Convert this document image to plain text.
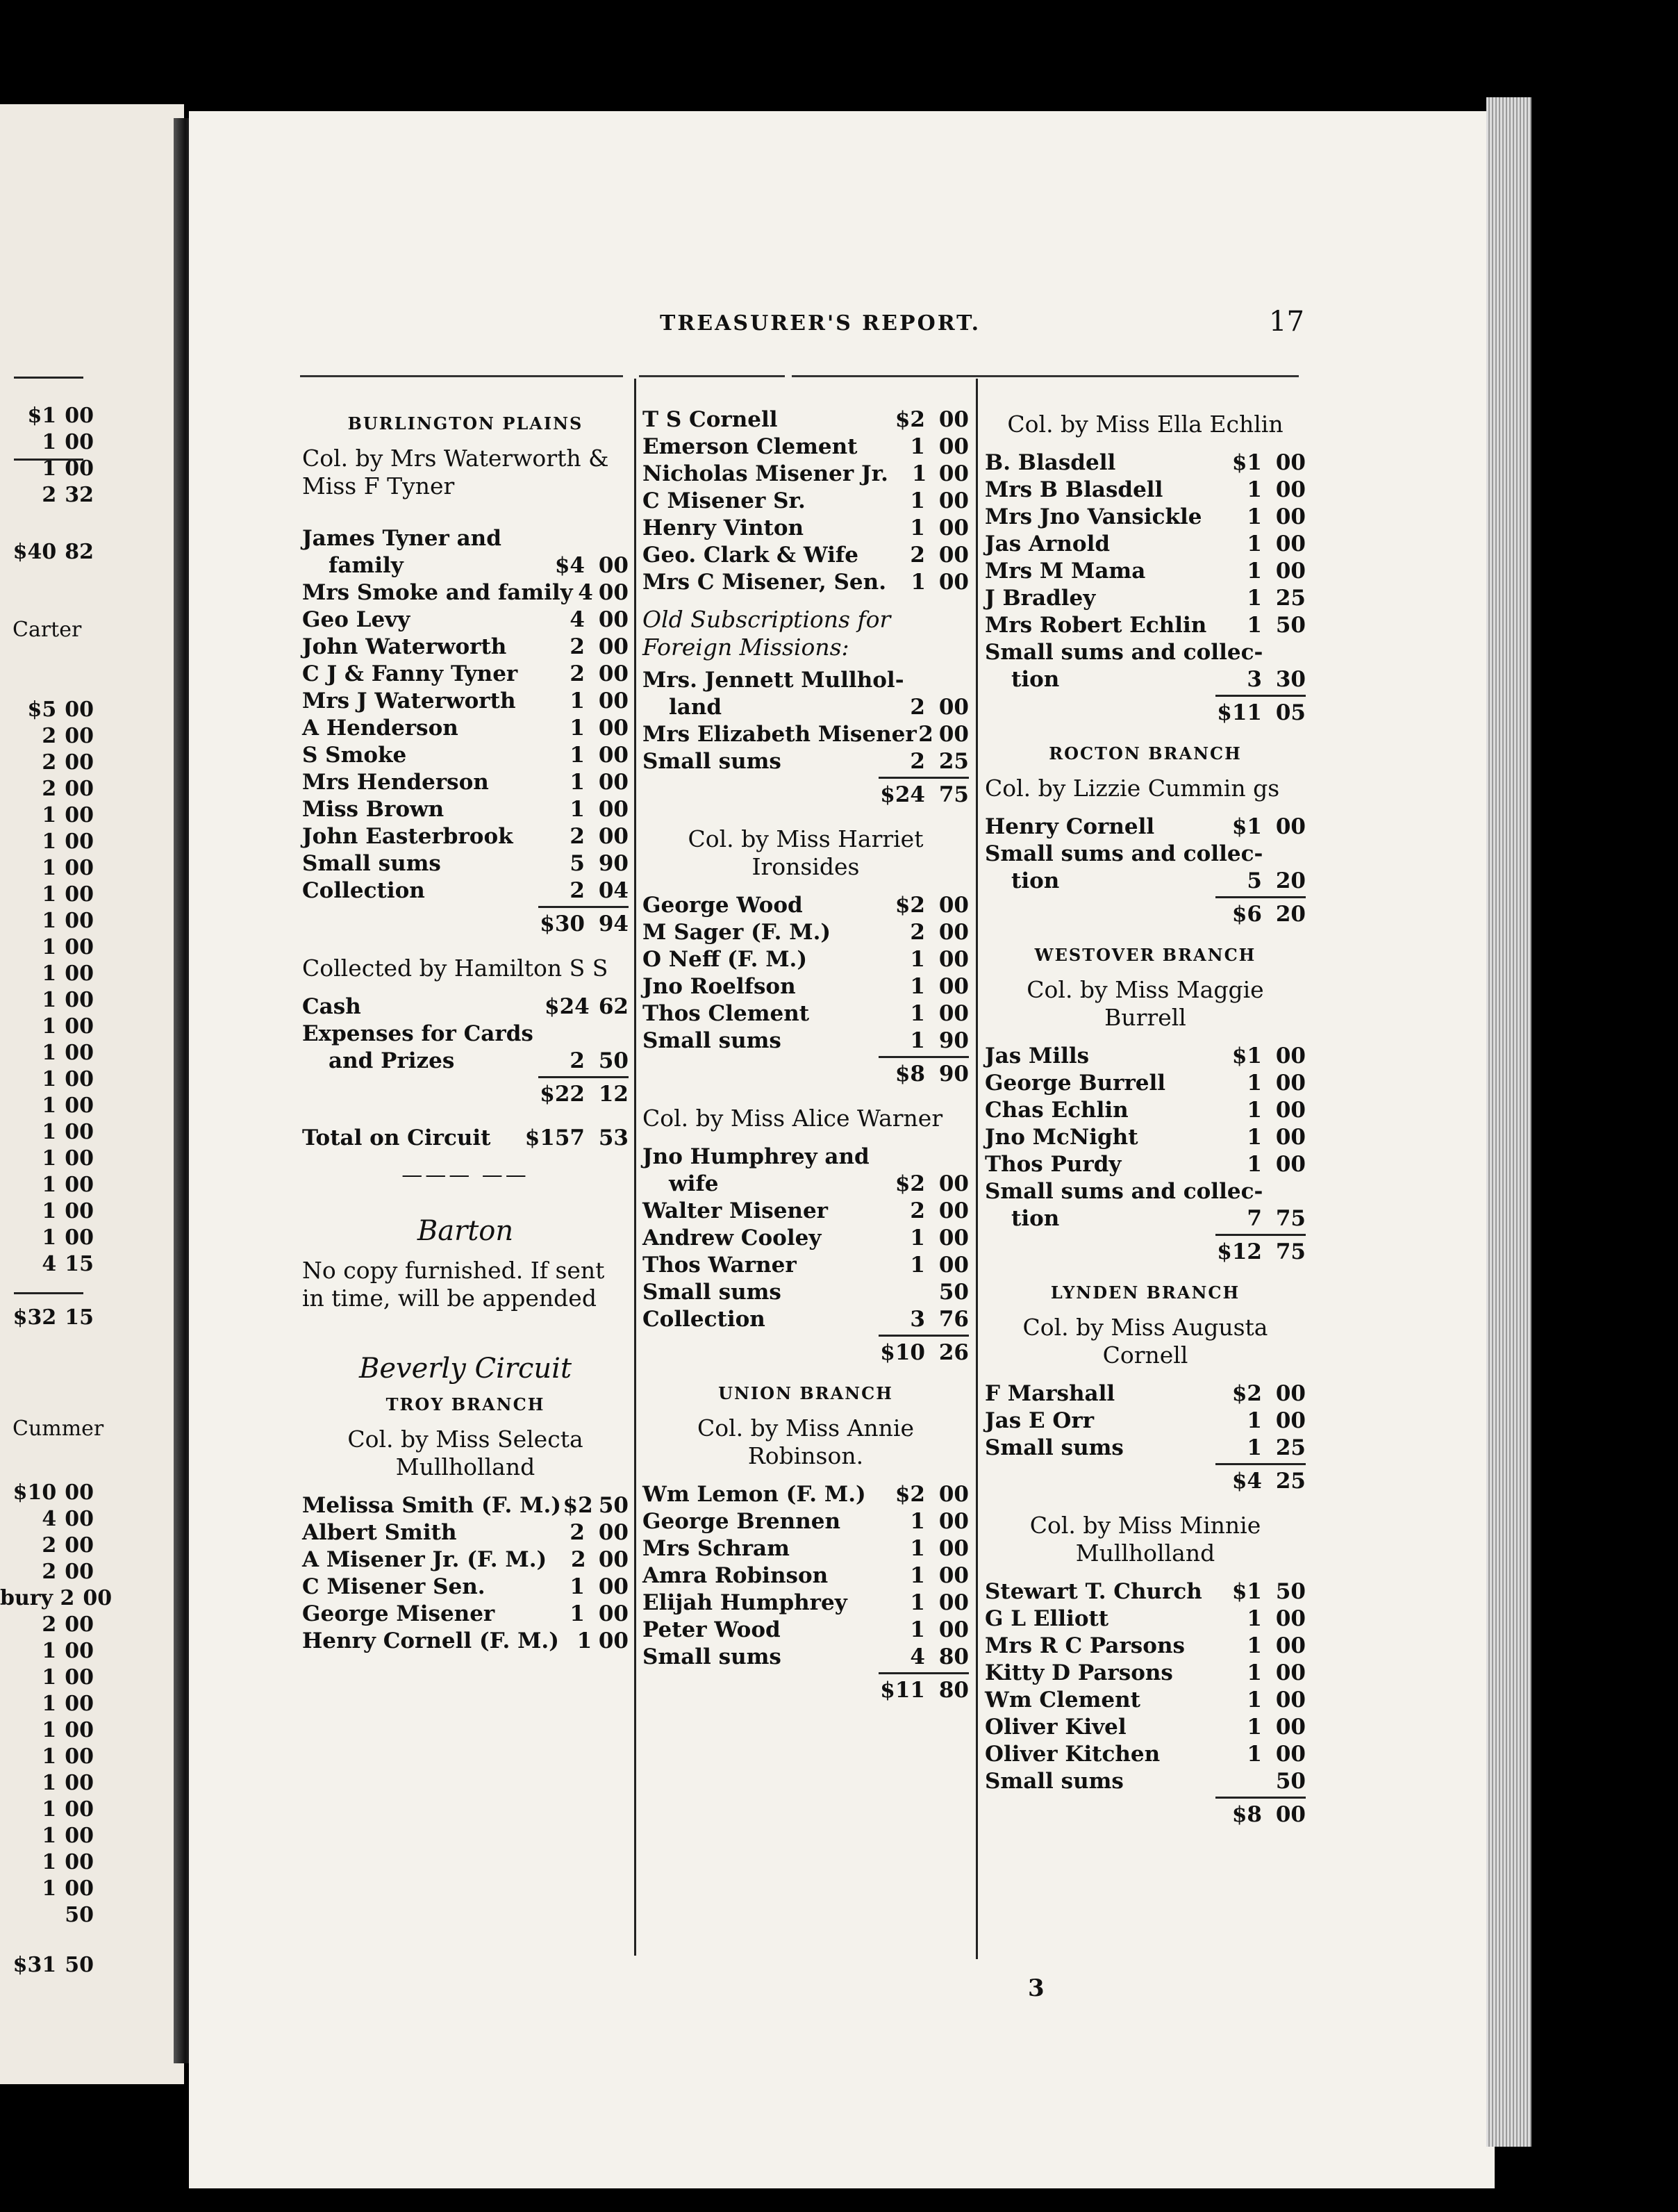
$1 00
1 00
1 00
2 32
$40 82
$5 00
2 00
2 00
2 00
1 00
1 00
1 00
1 00
1 00
1 00
1 00
1 00
1 00
1 00
1 00
1 00
1 00
1 00
1 00
1 00
1 00
4 15
$32 15
$10 00
4 00
2 00
2 00
bury 2 00
2 00
1 00
1 00
1 00
1 00
1 00
1 00
1 00
1 00
1 00
1 00
50
$31 50
Carter
Cummer
TREASURER'S REPORT.	17
BURLINGTON PLAINS
Col. by Mrs Waterworth & Miss F Tyner
James Tyner and
family	$4 00
Mrs Smoke and family 4 00
Geo Levy	4 00
John Waterworth	2 00
C J & Fanny Tyner	2 00
Mrs J Waterworth	1 00
A Henderson	1 00
S Smoke	1 00
Mrs Henderson	1 00
Miss Brown	1 00
John Easterbrook	2 00
Small sums	5 90
Collection	2 04
$30 94
Collected by Hamilton S S
Cash	$24 62
Expenses for Cards
and Prizes	2 50
$22 12
Total on Circuit	$157 53
——— ——
Barton
No copy furnished. If sent in time, will be appended
Beverly Circuit
TROY BRANCH
Col. by Miss Selecta Mullholland
Melissa Smith (F. M.) $2 50
Albert Smith	2 00
A Misener Jr. (F. M.)	2 00
C Misener Sen.	1 00
George Misener	1 00
Henry Cornell (F. M.) 1 00
T S Cornell	$2 00
Emerson Clement	1 00
Nicholas Misener Jr.	1 00
C Misener Sr.	1 00
Henry Vinton	1 00
Geo. Clark & Wife	2 00
Mrs C Misener, Sen.	1 00
Old Subscriptions for Foreign Missions:
Mrs. Jennett Mullhol-
land	2 00
Mrs Elizabeth Misener 2 00
Small sums	2 25
$24 75
Col. by Miss Harriet Ironsides
George Wood	$2 00
M Sager (F. M.)	2 00
O Neff (F. M.)	1 00
Jno Roelfson	1 00
Thos Clement	1 00
Small sums	1 90
$8 90
Col. by Miss Alice Warner
Jno Humphrey and
wife	$2 00
Walter Misener	2 00
Andrew Cooley	1 00
Thos Warner	1 00
Small sums	50
Collection	3 76
$10 26
UNION BRANCH
Col. by Miss Annie Robinson.
Wm Lemon (F. M.)	$2 00
George Brennen	1 00
Mrs Schram	1 00
Amra Robinson	1 00
Elijah Humphrey	1 00
Peter Wood	1 00
Small sums	4 80
$11 80
Col. by Miss Ella Echlin
B. Blasdell	$1 00
Mrs B Blasdell	1 00
Mrs Jno Vansickle	1 00
Jas Arnold	1 00
Mrs M Mama	1 00
J Bradley	1 25
Mrs Robert Echlin	1 50
Small sums and collec-
tion	3 30
$11 05
ROCTON BRANCH
Col. by Lizzie Cummin gs
Henry Cornell	$1 00
Small sums and collec-
tion	5 20
$6 20
WESTOVER BRANCH
Col. by Miss Maggie Burrell
Jas Mills	$1 00
George Burrell	1 00
Chas Echlin	1 00
Jno McNight	1 00
Thos Purdy	1 00
Small sums and collec-
tion	7 75
$12 75
LYNDEN BRANCH
Col. by Miss Augusta Cornell
F Marshall	$2 00
Jas E Orr	1 00
Small sums	1 25
$4 25
Col. by Miss Minnie Mullholland
Stewart T. Church	$1 50
G L Elliott	1 00
Mrs R C Parsons	1 00
Kitty D Parsons	1 00
Wm Clement	1 00
Oliver Kivel	1 00
Oliver Kitchen	1 00
Small sums	50
$8 00
3
